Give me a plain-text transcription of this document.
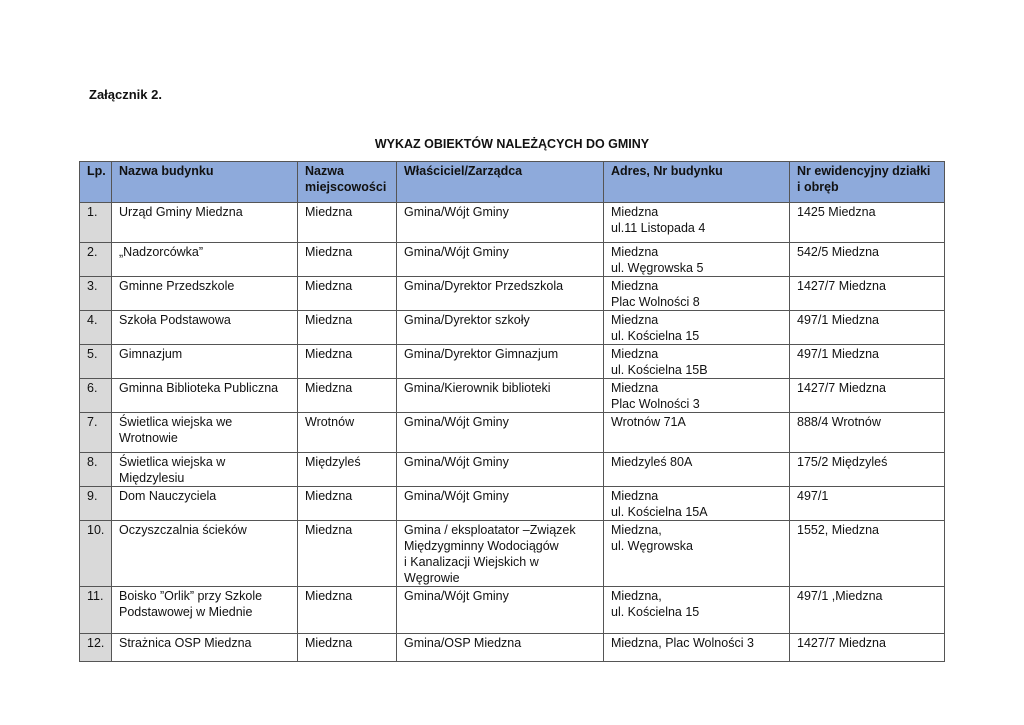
Załącznik 2.
WYKAZ OBIEKTÓW NALEŻĄCYCH DO GMINY
Lp.	Nazwa budynku	Nazwa
miejscowości	Właściciel/Zarządca	Adres, Nr budynku	Nr ewidencyjny działki
i obręb

1.	Urząd Gminy Miedzna	Miedzna	Gmina/Wójt Gminy	Miedzna
ul.11 Listopada 4	1425 Miedzna
2.	„Nadzorcówka”	Miedzna	Gmina/Wójt Gminy	Miedzna
ul. Węgrowska 5	542/5 Miedzna
3.	Gminne Przedszkole	Miedzna	Gmina/Dyrektor Przedszkola	Miedzna
Plac Wolności 8	1427/7 Miedzna
4.	Szkoła Podstawowa	Miedzna	Gmina/Dyrektor szkoły	Miedzna
ul. Kościelna 15	497/1 Miedzna
5.	Gimnazjum	Miedzna	Gmina/Dyrektor Gimnazjum	Miedzna
ul. Kościelna 15B	497/1 Miedzna
6.	Gminna Biblioteka Publiczna	Miedzna	Gmina/Kierownik biblioteki	Miedzna
Plac Wolności 3	1427/7 Miedzna
7.	Świetlica wiejska we
Wrotnowie	Wrotnów	Gmina/Wójt Gminy	Wrotnów 71A	888/4 Wrotnów
8.	Świetlica wiejska w Międzylesiu	Międzyleś	Gmina/Wójt Gminy	Miedzyleś 80A	175/2 Międzyleś
9.	Dom Nauczyciela	Miedzna	Gmina/Wójt Gminy	Miedzna
ul. Kościelna 15A	497/1
10.	Oczyszczalnia ścieków	Miedzna	Gmina / eksploatator –Związek
Międzygminny Wodociągów
i Kanalizacji Wiejskich w Węgrowie	Miedzna,
ul. Węgrowska	1552, Miedzna
11.	Boisko ”Orlik” przy Szkole
Podstawowej w Miednie	Miedzna	Gmina/Wójt Gminy	Miedzna,
ul. Kościelna 15	497/1 ,Miedzna
12.	Strażnica OSP Miedzna	Miedzna	Gmina/OSP Miedzna	Miedzna, Plac Wolności 3	1427/7 Miedzna
